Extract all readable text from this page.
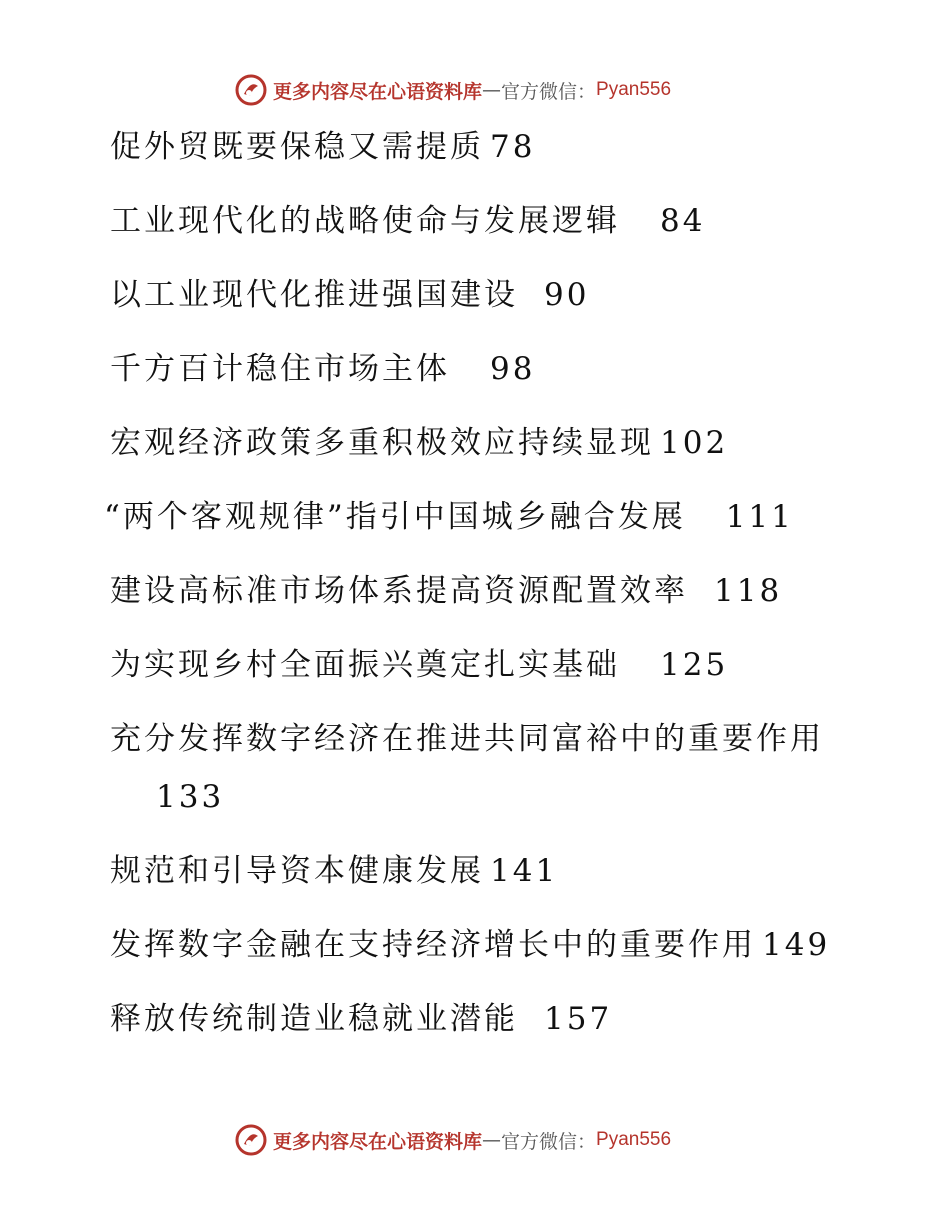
更多内容尽在心语资料库 — 官方微信： Pyan556
促外贸既要保稳又需提质 78
工业现代化的战略使命与发展逻辑 84
以工业现代化推进强国建设 90
千方百计稳住市场主体 98
宏观经济政策多重积极效应持续显现 102
“两个客观规律”指引中国城乡融合发展 111
建设高标准市场体系提高资源配置效率 118
为实现乡村全面振兴奠定扎实基础 125
充分发挥数字经济在推进共同富裕中的重要作用
133
规范和引导资本健康发展 141
发挥数字金融在支持经济增长中的重要作用 149
释放传统制造业稳就业潜能 157
更多内容尽在心语资料库 — 官方微信： Pyan556
